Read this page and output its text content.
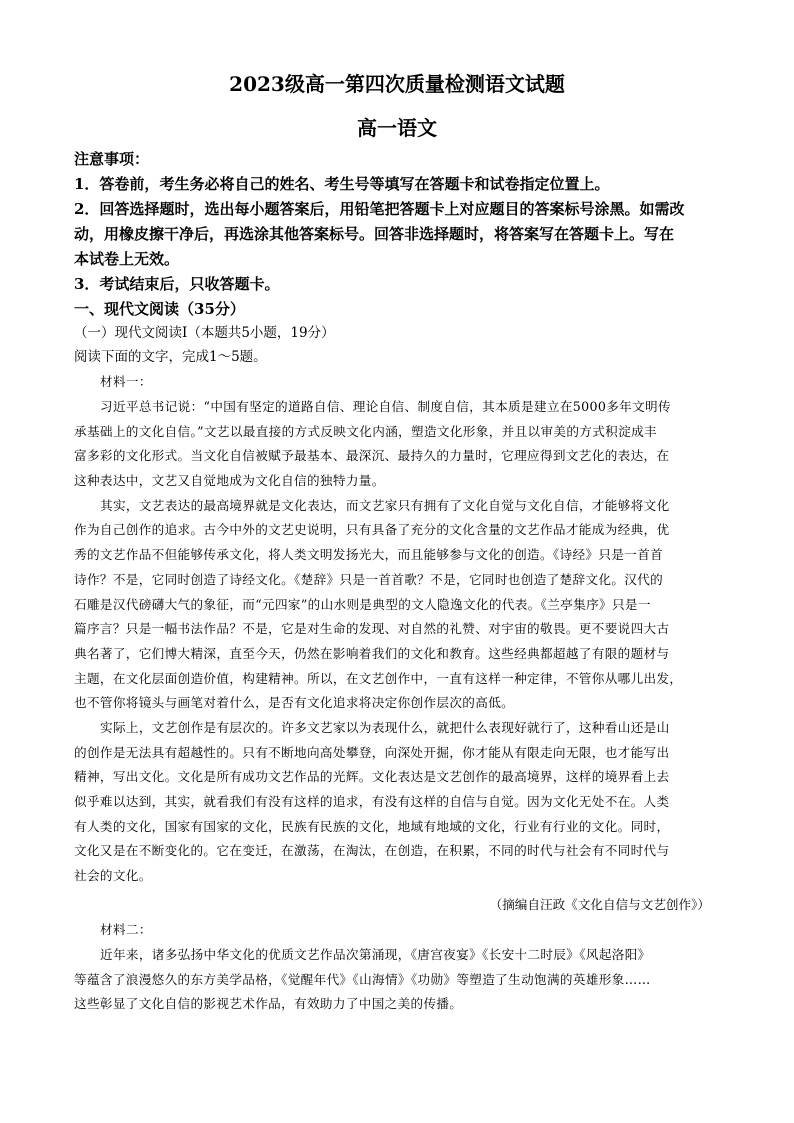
2023级高一第四次质量检测语文试题
高一语文
注意事项：
1．答卷前，考生务必将自己的姓名、考生号等填写在答题卡和试卷指定位置上。
2．回答选择题时，选出每小题答案后，用铅笔把答题卡上对应题目的答案标号涂黑。如需改
动，用橡皮擦干净后，再选涂其他答案标号。回答非选择题时，将答案写在答题卡上。写在
本试卷上无效。
3．考试结束后，只收答题卡。
一、现代文阅读（35分）
（一）现代文阅读Ⅰ（本题共5小题，19分）
阅读下面的文字，完成1～5题。
材料一：
习近平总书记说：“中国有坚定的道路自信、理论自信、制度自信，其本质是建立在5000多年文明传
承基础上的文化自信。”文艺以最直接的方式反映文化内涵，塑造文化形象，并且以审美的方式积淀成丰
富多彩的文化形式。当文化自信被赋予最基本、最深沉、最持久的力量时，它理应得到文艺化的表达，在
这种表达中，文艺又自觉地成为文化自信的独特力量。
其实，文艺表达的最高境界就是文化表达，而文艺家只有拥有了文化自觉与文化自信，才能够将文化
作为自己创作的追求。古今中外的文艺史说明，只有具备了充分的文化含量的文艺作品才能成为经典，优
秀的文艺作品不但能够传承文化，将人类文明发扬光大，而且能够参与文化的创造。《诗经》只是一首首
诗作？不是，它同时创造了诗经文化。《楚辞》只是一首首歌？不是，它同时也创造了楚辞文化。汉代的
石雕是汉代磅礴大气的象征，而“元四家”的山水则是典型的文人隐逸文化的代表。《兰亭集序》只是一
篇序言？只是一幅书法作品？不是，它是对生命的发现、对自然的礼赞、对宇宙的敬畏。更不要说四大古
典名著了，它们博大精深，直至今天，仍然在影响着我们的文化和教育。这些经典都超越了有限的题材与
主题，在文化层面创造价值，构建精神。所以，在文艺创作中，一直有这样一种定律，不管你从哪儿出发，
也不管你将镜头与画笔对着什么，是否有文化追求将决定你创作层次的高低。
实际上，文艺创作是有层次的。许多文艺家以为表现什么，就把什么表现好就行了，这种看山还是山
的创作是无法具有超越性的。只有不断地向高处攀登，向深处开掘，你才能从有限走向无限，也才能写出
精神，写出文化。文化是所有成功文艺作品的光辉。文化表达是文艺创作的最高境界，这样的境界看上去
似乎难以达到，其实，就看我们有没有这样的追求，有没有这样的自信与自觉。因为文化无处不在。人类
有人类的文化，国家有国家的文化，民族有民族的文化，地域有地域的文化，行业有行业的文化。同时，
文化又是在不断变化的。它在变迁，在激荡，在淘汰，在创造，在积累，不同的时代与社会有不同时代与
社会的文化。
（摘编自汪政《文化自信与文艺创作》）
材料二：
近年来，诸多弘扬中华文化的优质文艺作品次第涌现，《唐宫夜宴》《长安十二时辰》《风起洛阳》
等蕴含了浪漫悠久的东方美学品格，《觉醒年代》《山海情》《功勋》等塑造了生动饱满的英雄形象……
这些彰显了文化自信的影视艺术作品，有效助力了中国之美的传播。
